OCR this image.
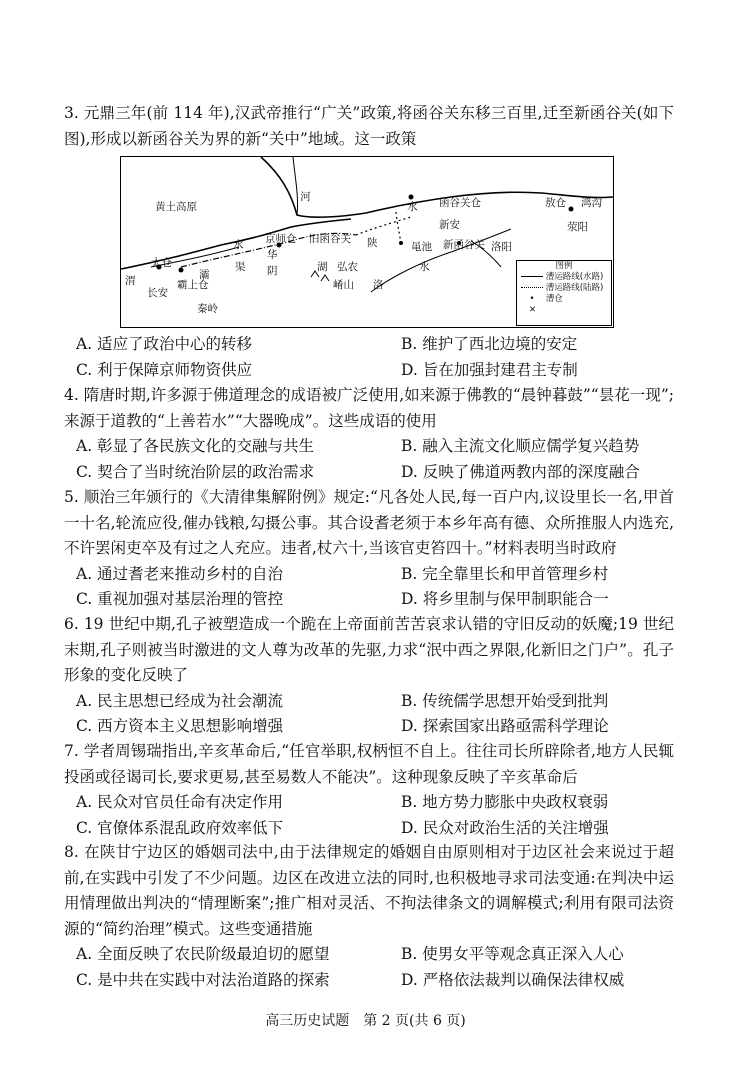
3. 元鼎三年(前 114 年),汉武帝推行“广关”政策,将函谷关东移三百里,迁至新函谷关(如下图),形成以新函谷关为界的新“关中”地域。这一政策

黄土高原
河
水 函谷关仓	敖仓 鸿沟
新安	荥阳
京师仓 旧函谷关 陕	黾池 新函谷关 洛阳
水
华
阴	湖 弘农	水
渠
太仓
渭
长安
灞
霸上仓	崤山 洛
秦岭
图例
漕运路线(水路)
漕运路线(陆路)
• 漕仓
✕
A. 适应了政治中心的转移	B. 维护了西北边境的安定
C. 利于保障京师物资供应	D. 旨在加强封建君主专制

4. 隋唐时期,许多源于佛道理念的成语被广泛使用,如来源于佛教的“晨钟暮鼓”“昙花一现”;来源于道教的“上善若水”“大器晚成”。这些成语的使用

A. 彰显了各民族文化的交融与共生	B. 融入主流文化顺应儒学复兴趋势
C. 契合了当时统治阶层的政治需求	D. 反映了佛道两教内部的深度融合

5. 顺治三年颁行的《大清律集解附例》规定:“凡各处人民,每一百户内,议设里长一名,甲首一十名,轮流应役,催办钱粮,勾摄公事。其合设耆老须于本乡年高有德、众所推服人内选充,不许罢闲吏卒及有过之人充应。违者,杖六十,当该官吏笞四十。”材料表明当时政府

A. 通过耆老来推动乡村的自治	B. 完全靠里长和甲首管理乡村
C. 重视加强对基层治理的管控	D. 将乡里制与保甲制职能合一

6. 19 世纪中期,孔子被塑造成一个跪在上帝面前苦苦哀求认错的守旧反动的妖魔;19 世纪末期,孔子则被当时激进的文人尊为改革的先驱,力求“泯中西之界限,化新旧之门户”。孔子形象的变化反映了

A. 民主思想已经成为社会潮流	B. 传统儒学思想开始受到批判
C. 西方资本主义思想影响增强	D. 探索国家出路亟需科学理论

7. 学者周锡瑞指出,辛亥革命后,“任官举职,权柄恒不自上。往往司长所辟除者,地方人民辄投函或径谒司长,要求更易,甚至易数人不能决”。这种现象反映了辛亥革命后

A. 民众对官员任命有决定作用	B. 地方势力膨胀中央政权衰弱
C. 官僚体系混乱政府效率低下	D. 民众对政治生活的关注增强

8. 在陕甘宁边区的婚姻司法中,由于法律规定的婚姻自由原则相对于边区社会来说过于超前,在实践中引发了不少问题。边区在改进立法的同时,也积极地寻求司法变通:在判决中运用情理做出判决的“情理断案”;推广相对灵活、不拘法律条文的调解模式;利用有限司法资源的“简约治理”模式。这些变通措施

A. 全面反映了农民阶级最迫切的愿望	B. 使男女平等观念真正深入人心
C. 是中共在实践中对法治道路的探索	D. 严格依法裁判以确保法律权威
高三历史试题　第 2 页(共 6 页)
